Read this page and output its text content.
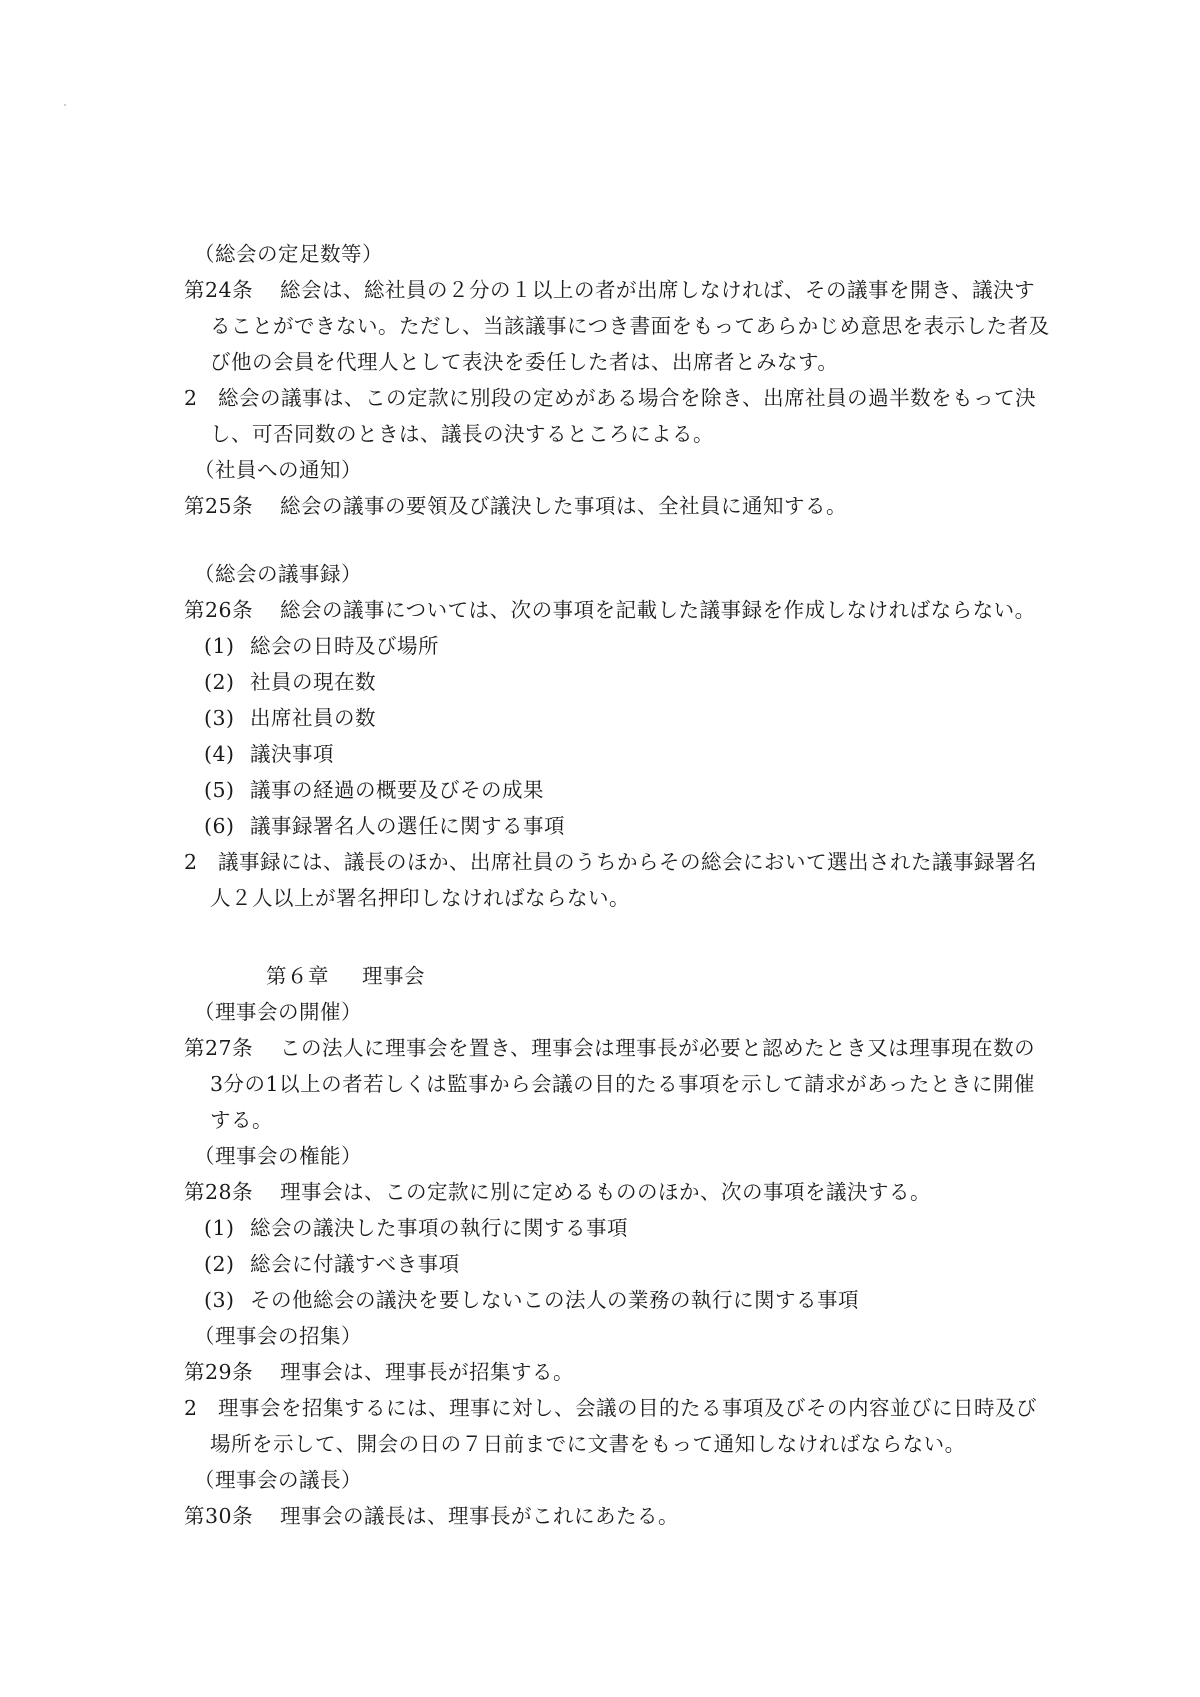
（総会の定足数等）
第24条 総会は、総社員の２分の１以上の者が出席しなければ、その議事を開き、議決す
ることができない。ただし、当該議事につき書面をもってあらかじめ意思を表示した者及
び他の会員を代理人として表決を委任した者は、出席者とみなす。
2 総会の議事は、この定款に別段の定めがある場合を除き、出席社員の過半数をもって決
し、可否同数のときは、議長の決するところによる。
（社員への通知）
第25条 総会の議事の要領及び議決した事項は、全社員に通知する。
（総会の議事録）
第26条 総会の議事については、次の事項を記載した議事録を作成しなければならない。
(1) 総会の日時及び場所
(2) 社員の現在数
(3) 出席社員の数
(4) 議決事項
(5) 議事の経過の概要及びその成果
(6) 議事録署名人の選任に関する事項
2 議事録には、議長のほか、出席社員のうちからその総会において選出された議事録署名
人２人以上が署名押印しなければならない。
第６章 理事会
（理事会の開催）
第27条 この法人に理事会を置き、理事会は理事長が必要と認めたとき又は理事現在数の
3分の1以上の者若しくは監事から会議の目的たる事項を示して請求があったときに開催
する。
（理事会の権能）
第28条 理事会は、この定款に別に定めるもののほか、次の事項を議決する。
(1) 総会の議決した事項の執行に関する事項
(2) 総会に付議すべき事項
(3) その他総会の議決を要しないこの法人の業務の執行に関する事項
（理事会の招集）
第29条 理事会は、理事長が招集する。
2 理事会を招集するには、理事に対し、会議の目的たる事項及びその内容並びに日時及び
場所を示して、開会の日の７日前までに文書をもって通知しなければならない。
（理事会の議長）
第30条 理事会の議長は、理事長がこれにあたる。
